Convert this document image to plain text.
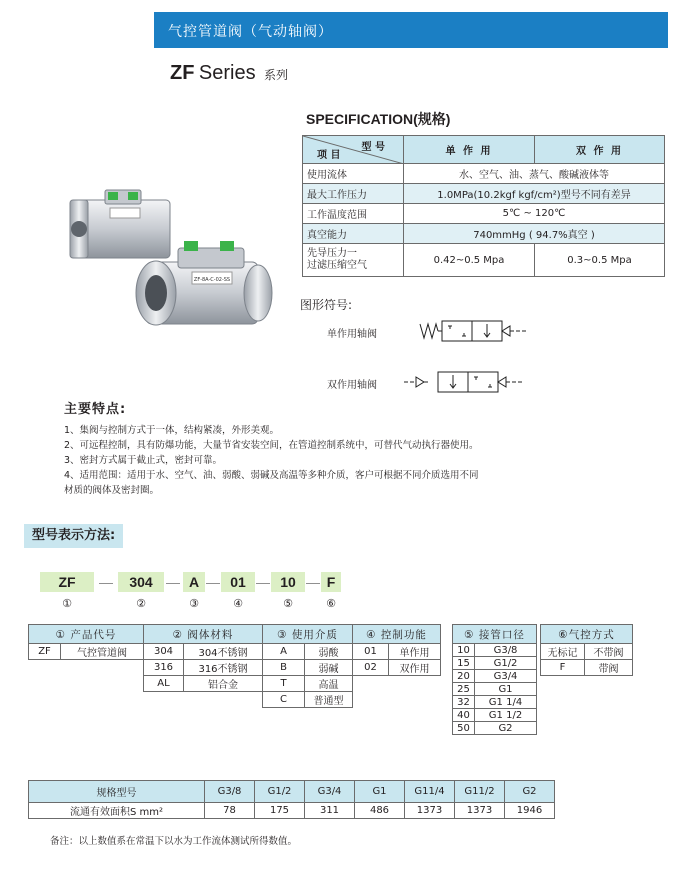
气控管道阀（气动轴阀）
ZF Series 系列
SPECIFICATION(规格)
型 号
项 目	单 作 用	双 作 用
使用流体	水、空气、油、蒸气、酸碱液体等	
最大工作压力	1.0MPa(10.2kgf kgf/cm²)型号不同有差异	
工作温度范围	5℃ ~ 120℃	
真空能力	740mmHg ( 94.7%真空 )	
先导压力一
过滤压缩空气	0.42~0.5 Mpa	0.3~0.5 Mpa
ZF-8A-C-02-SS
图形符号:
单作用轴阀
双作用轴阀
主要特点:
1、集阀与控制方式于一体，结构紧凑，外形美观。
2、可远程控制，具有防爆功能，大量节省安装空间，在管道控制系统中，可替代气动执行器使用。
3、密封方式属于截止式，密封可靠。
4、适用范围：适用于水、空气、油、弱酸、弱碱及高温等多种介质，客户可根据不同介质选用不同
材质的阀体及密封圈。
型号表示方法:
ZF	—	304 — A — 01 — 10 — F
①	②	③	④	⑤	⑥
① 产品代号
ZF	气控管道阀
② 阀体材料	
304	304不锈钢
316	316不锈钢
AL	铝合金
③ 使用介质	
A	弱酸
B	弱碱
T	高温
C	普通型
④ 控制功能	
01	单作用
02	双作用
⑤ 接管口径	
10	G3/8
15	G1/2
20	G3/4
25	G1
32	G1 1/4
40	G1 1/2
50	G2
⑥气控方式	
无标记	不带阀
F	带阀
规格型号	G3/8	G1/2	G3/4	G1	G11/4	G11/2	G2
流通有效面积S mm²	78	175	311	486	1373	1373	1946
备注：以上数值系在常温下以水为工作流体测试所得数值。
